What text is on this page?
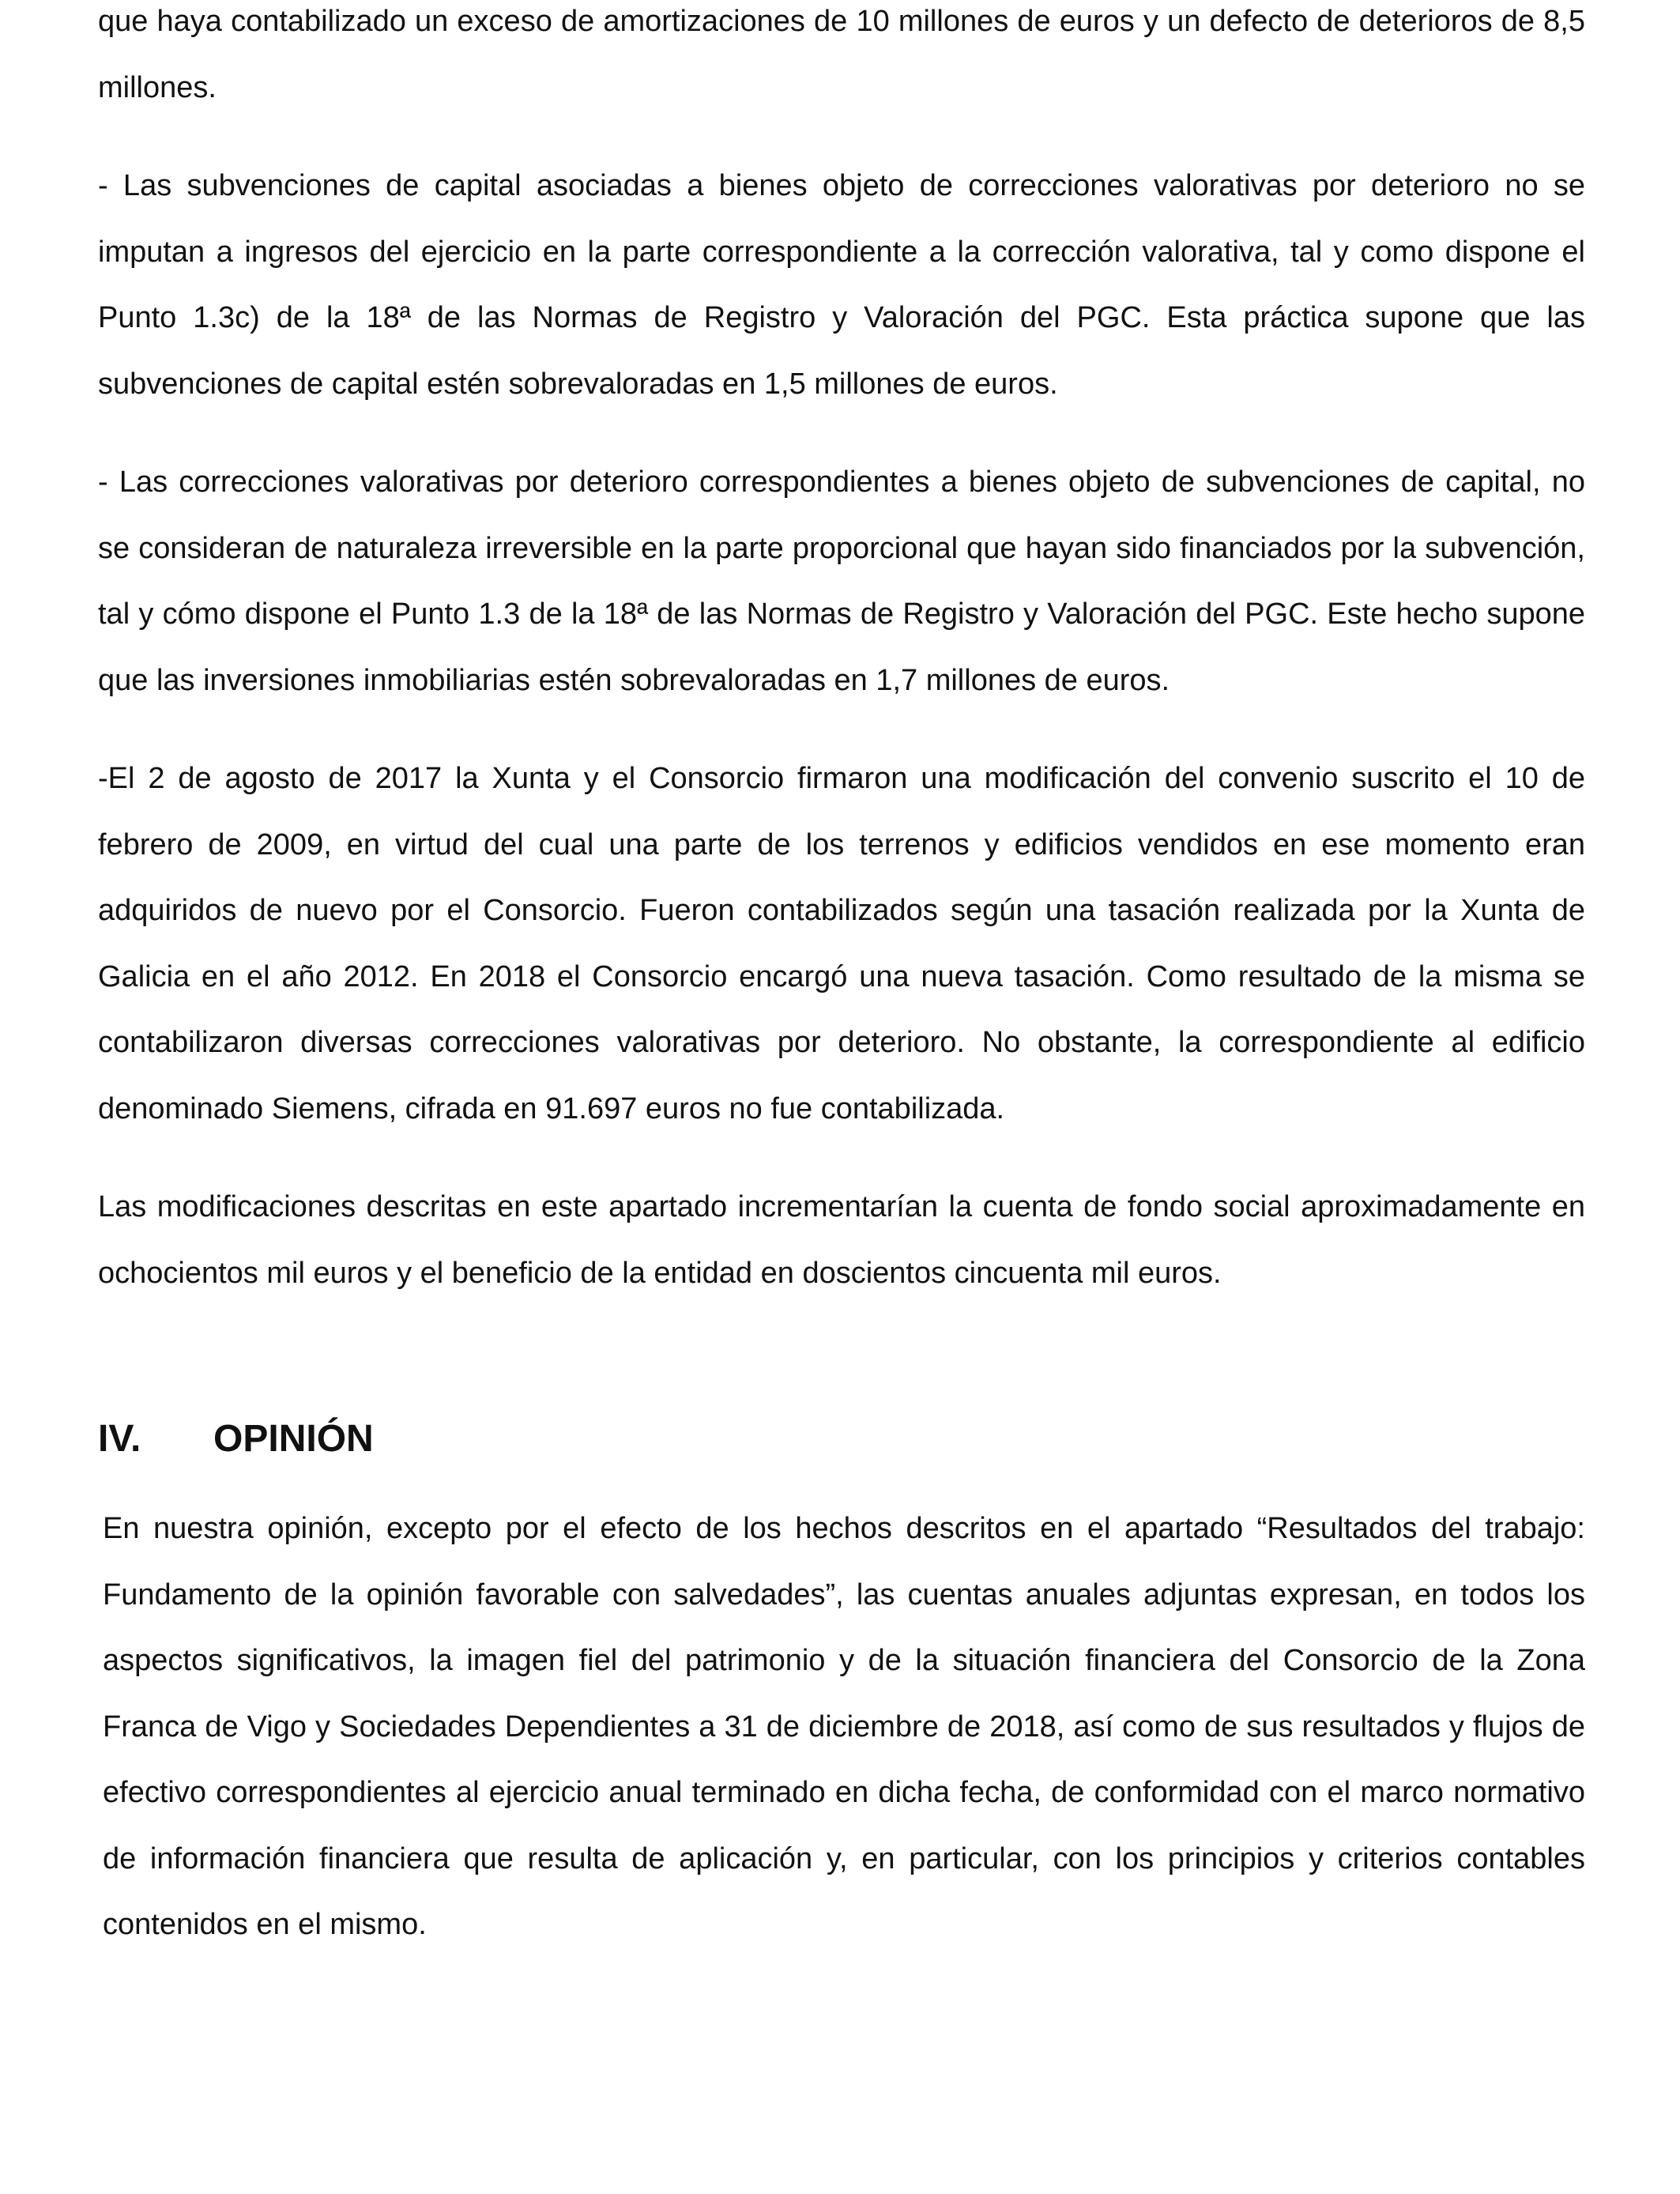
que haya contabilizado un exceso de amortizaciones de 10 millones de euros y un defecto de deterioros de 8,5 millones.

- Las subvenciones de capital asociadas a bienes objeto de correcciones valorativas por deterioro no se imputan a ingresos del ejercicio en la parte correspondiente a la corrección valorativa, tal y como dispone el Punto 1.3c) de la 18ª de las Normas de Registro y Valoración del PGC. Esta práctica supone que las subvenciones de capital estén sobrevaloradas en 1,5 millones de euros.

- Las correcciones valorativas por deterioro correspondientes a bienes objeto de subvenciones de capital, no se consideran de naturaleza irreversible en la parte proporcional que hayan sido financiados por la subvención, tal y cómo dispone el Punto 1.3 de la 18ª de las Normas de Registro y Valoración del PGC. Este hecho supone que las inversiones inmobiliarias estén sobrevaloradas en 1,7 millones de euros.

-El 2 de agosto de 2017 la Xunta y el Consorcio firmaron una modificación del convenio suscrito el 10 de febrero de 2009, en virtud del cual una parte de los terrenos y edificios vendidos en ese momento eran adquiridos de nuevo por el Consorcio. Fueron contabilizados según una tasación realizada por la Xunta de Galicia en el año 2012. En 2018 el Consorcio encargó una nueva tasación. Como resultado de la misma se contabilizaron diversas correcciones valorativas por deterioro. No obstante, la correspondiente al edificio denominado Siemens, cifrada en 91.697 euros no fue contabilizada.

Las modificaciones descritas en este apartado incrementarían la cuenta de fondo social aproximadamente en ochocientos mil euros y el beneficio de la entidad en doscientos cincuenta mil euros.

IV.	OPINIÓN

En nuestra opinión, excepto por el efecto de los hechos descritos en el apartado “Resultados del trabajo: Fundamento de la opinión favorable con salvedades”, las cuentas anuales adjuntas expresan, en todos los aspectos significativos, la imagen fiel del patrimonio y de la situación financiera del Consorcio de la Zona Franca de Vigo y Sociedades Dependientes a 31 de diciembre de 2018, así como de sus resultados y flujos de efectivo correspondientes al ejercicio anual terminado en dicha fecha, de conformidad con el marco normativo de información financiera que resulta de aplicación y, en particular, con los principios y criterios contables contenidos en el mismo.
